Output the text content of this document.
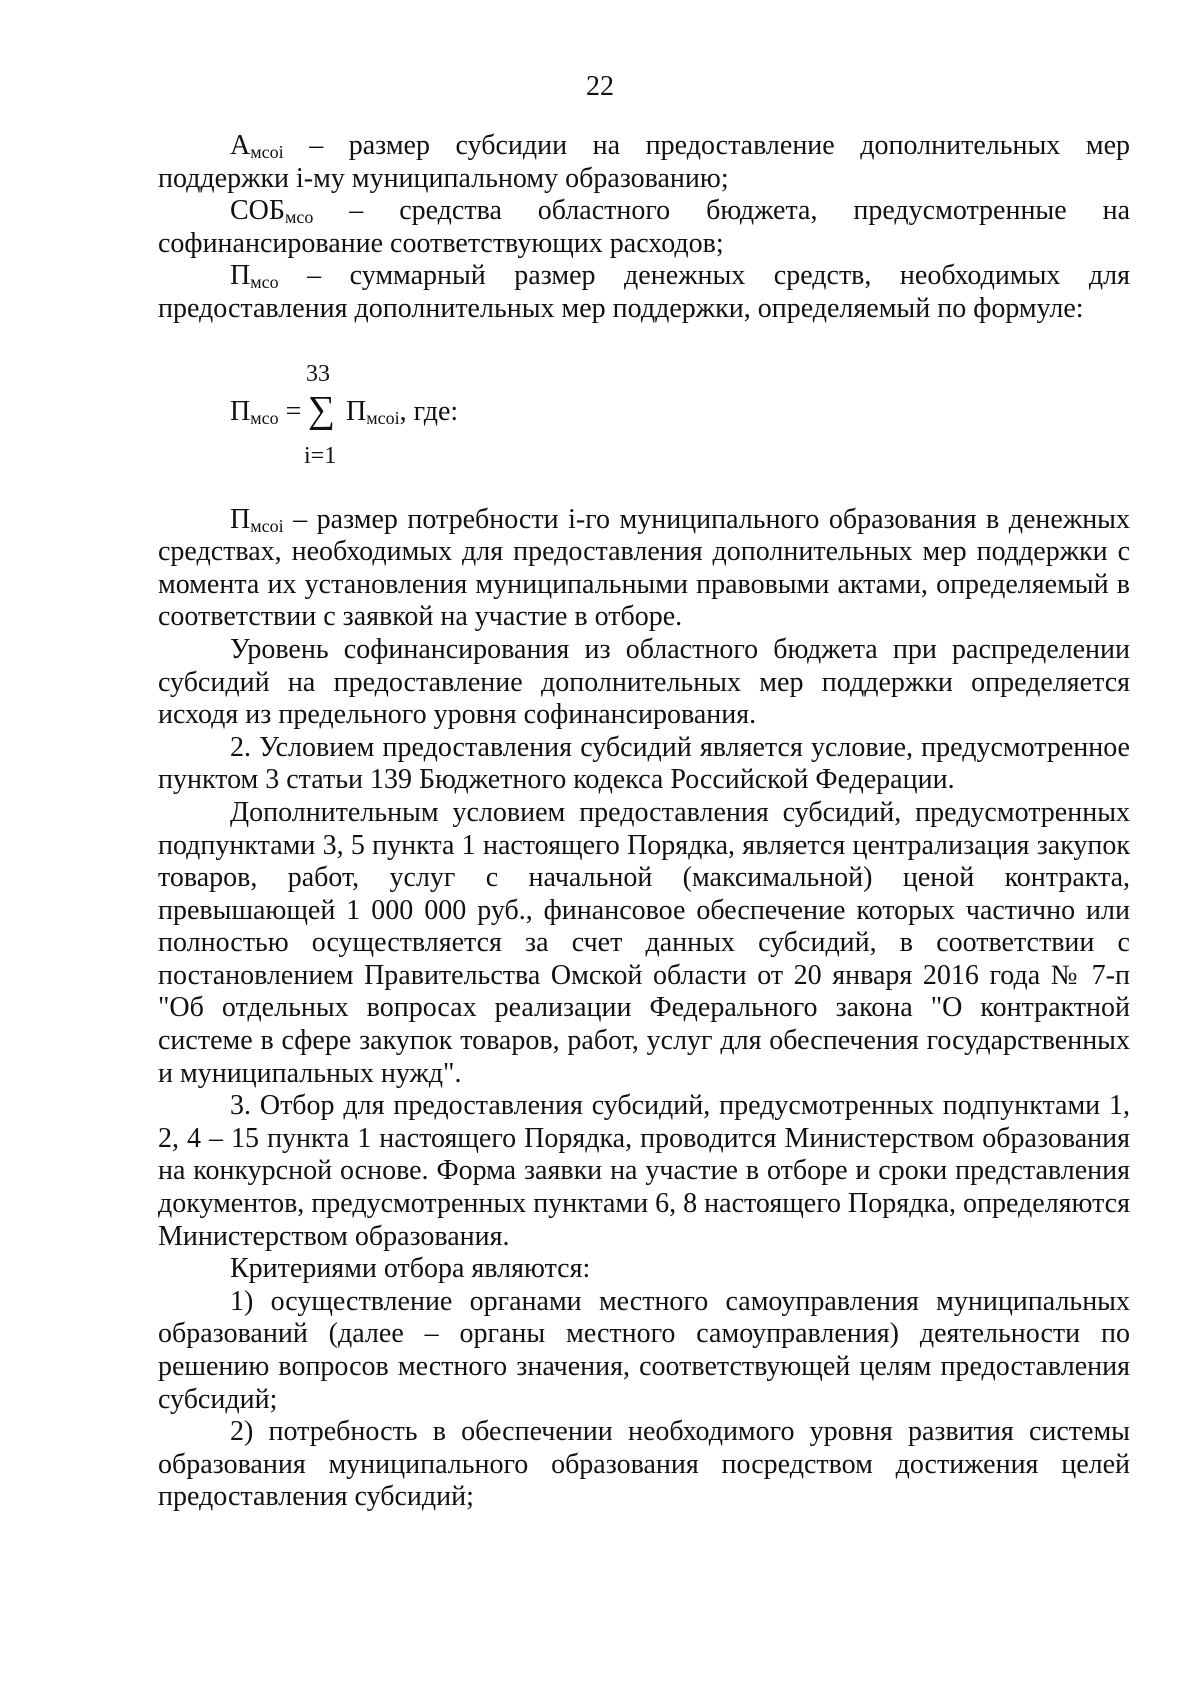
22

$А_{мсоi}$ – размер субсидии на предоставление дополнительных мер поддержки i-му муниципальному образованию;

$СОБ_{мсо}$ – средства областного бюджета, предусмотренные на софинансирование соответствующих расходов;

$П_{мсо}$ – суммарный размер денежных средств, необходимых для предоставления дополнительных мер поддержки, определяемый по формуле:

$П_{мсо}$ =
33
∑
i=1
$П_{мсоi}$, где:

$П_{мсоi}$ – размер потребности i-го муниципального образования в денежных средствах, необходимых для предоставления дополнительных мер поддержки с момента их установления муниципальными правовыми актами, определяемый в соответствии с заявкой на участие в отборе.

Уровень софинансирования из областного бюджета при распределении субсидий на предоставление дополнительных мер поддержки определяется исходя из предельного уровня софинансирования.

2. Условием предоставления субсидий является условие, предусмотренное пунктом 3 статьи 139 Бюджетного кодекса Российской Федерации.

Дополнительным условием предоставления субсидий, предусмотренных подпунктами 3, 5 пункта 1 настоящего Порядка, является централизация закупок товаров, работ, услуг с начальной (максимальной) ценой контракта, превышающей 1 000 000 руб., финансовое обеспечение которых частично или полностью осуществляется за счет данных субсидий, в соответствии с постановлением Правительства Омской области от 20 января 2016 года № 7-п "Об отдельных вопросах реализации Федерального закона "О контрактной системе в сфере закупок товаров, работ, услуг для обеспечения государственных и муниципальных нужд".

3. Отбор для предоставления субсидий, предусмотренных подпунктами 1, 2, 4 – 15 пункта 1 настоящего Порядка, проводится Министерством образования на конкурсной основе. Форма заявки на участие в отборе и сроки представления документов, предусмотренных пунктами 6, 8 настоящего Порядка, определяются Министерством образования.

Критериями отбора являются:

1) осуществление органами местного самоуправления муниципальных образований (далее – органы местного самоуправления) деятельности по решению вопросов местного значения, соответствующей целям предоставления субсидий;

2) потребность в обеспечении необходимого уровня развития системы образования муниципального образования посредством достижения целей предоставления субсидий;
